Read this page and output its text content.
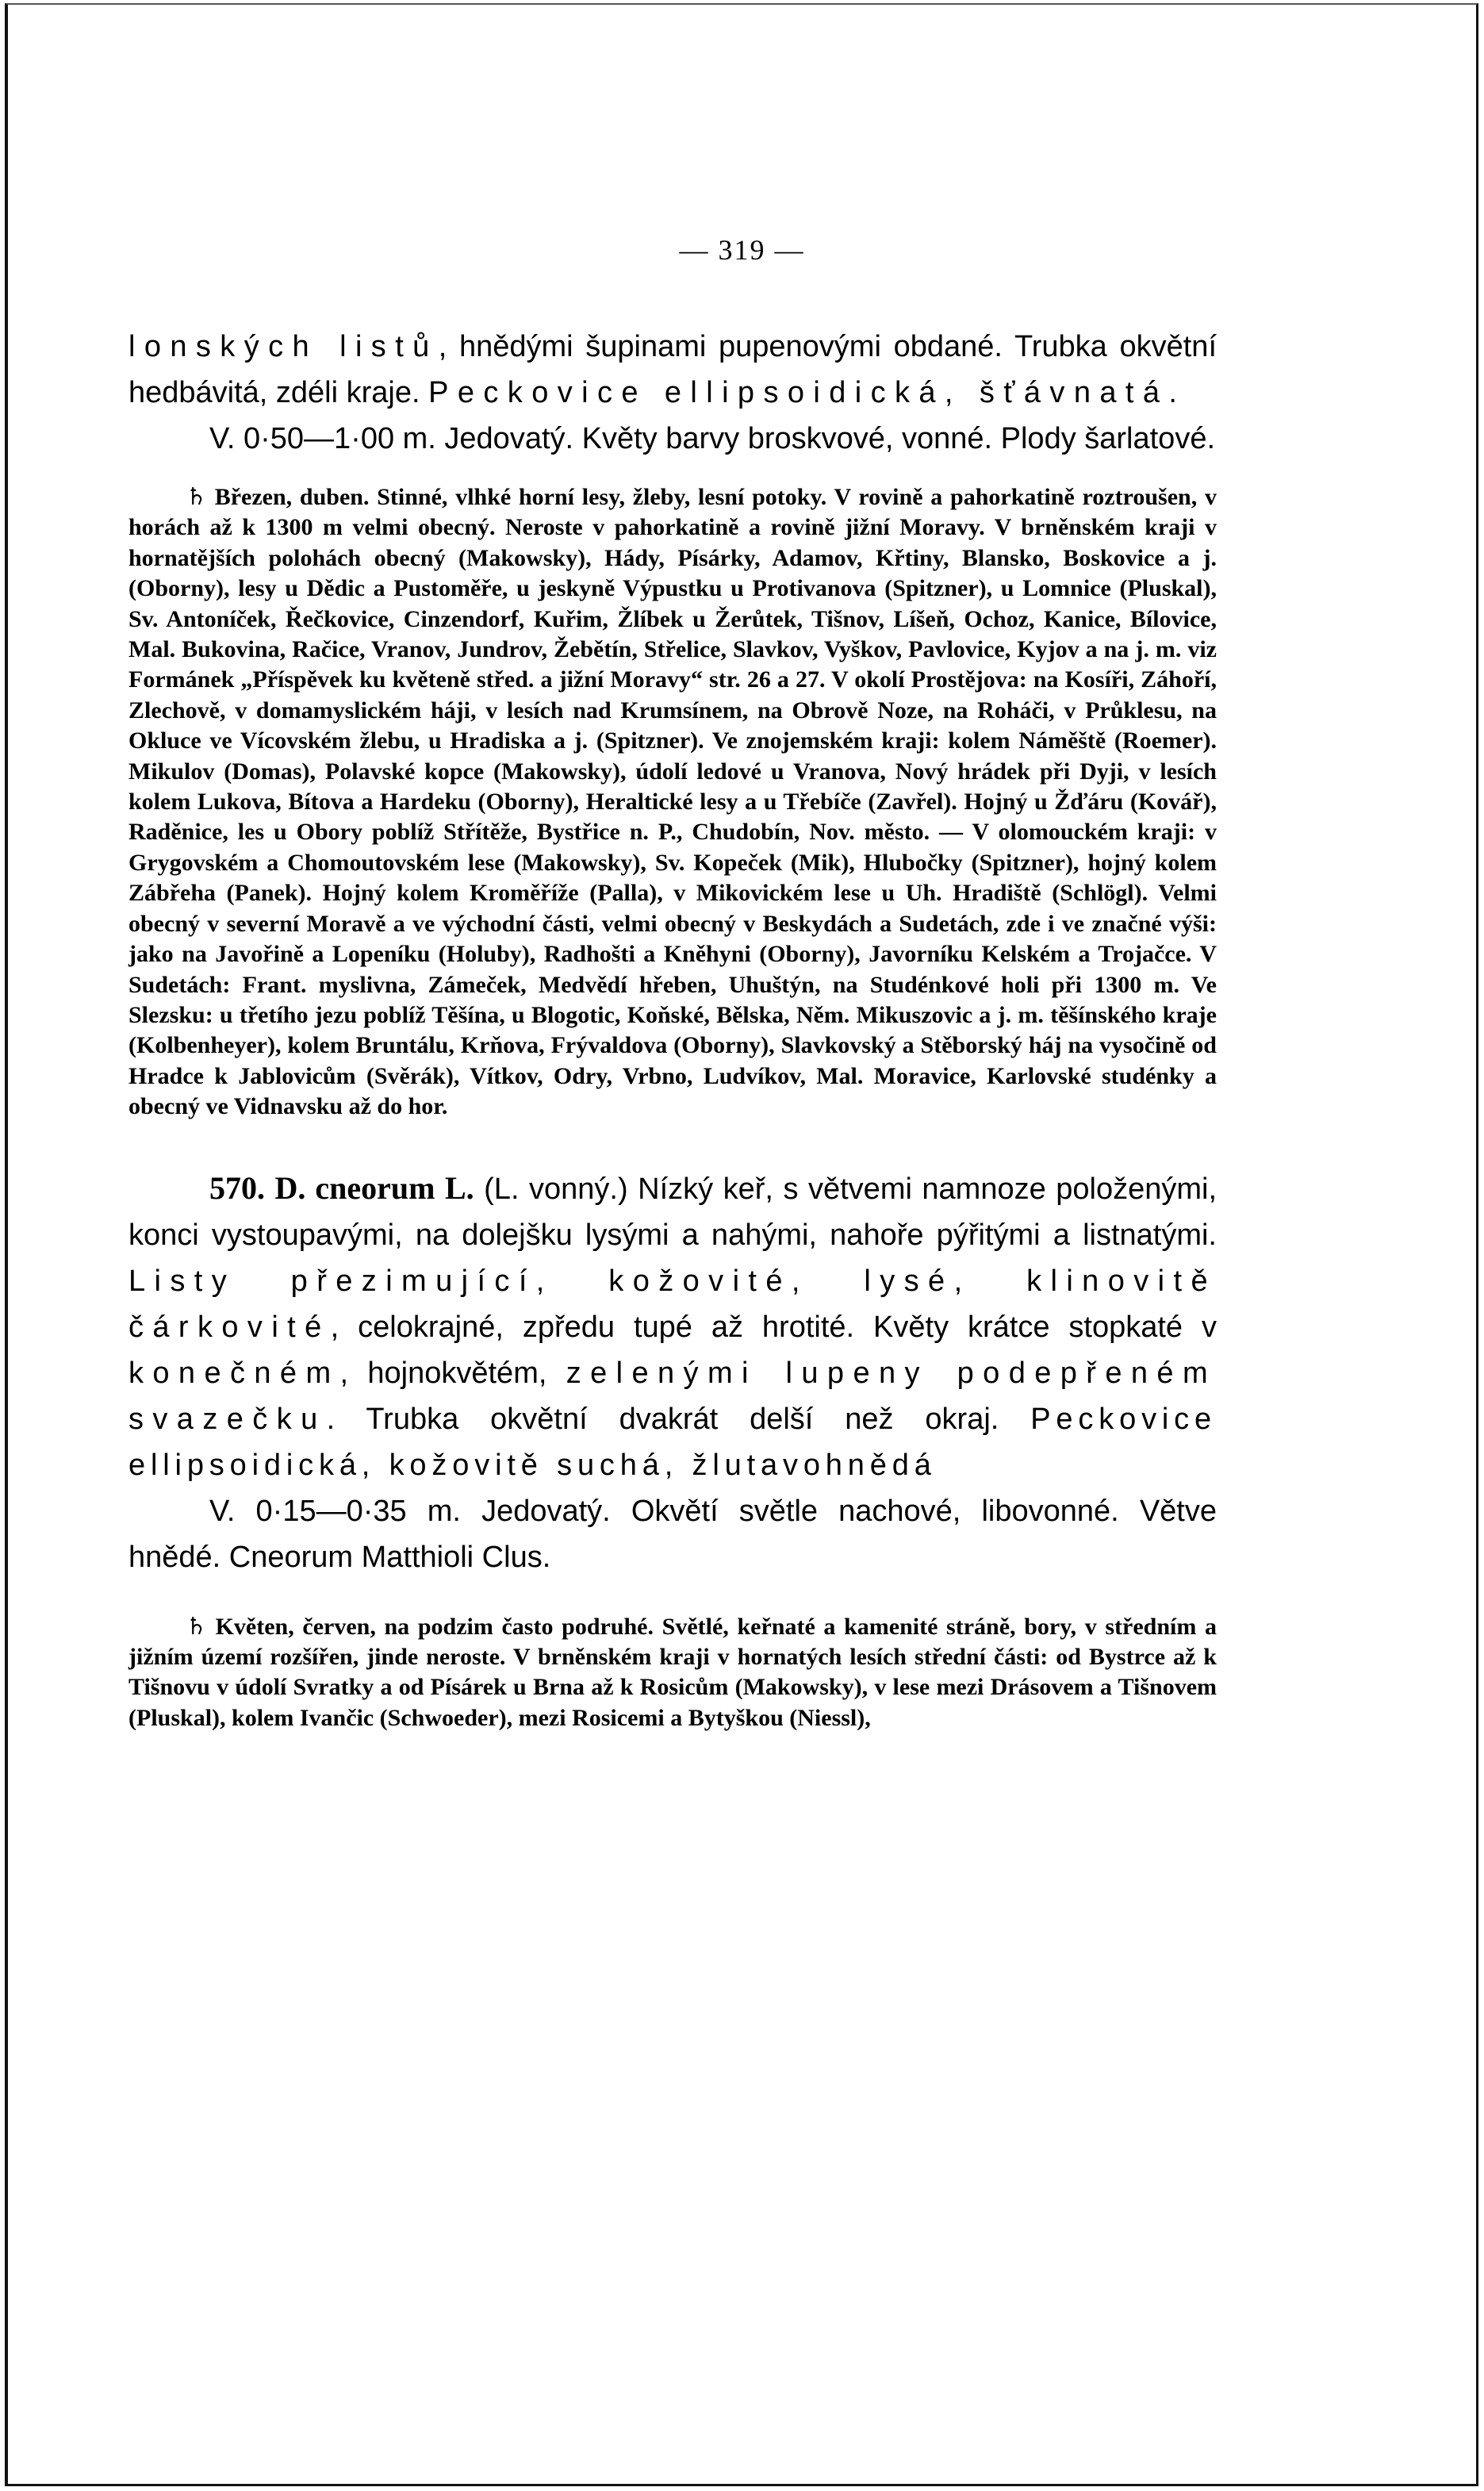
— 319 —

lonských listů, hnědými šupinami pupenovými obdané. Trubka okvětní hedbávitá, zdéli kraje. Peckovice ellipsoidická, šťávnatá.

V. 0·50—1·00 m. Jedovatý. Květy barvy broskvové, vonné. Plody šarlatové.

♄ Březen, duben. Stinné, vlhké horní lesy, žleby, lesní potoky. V rovině a pahorkatině roztroušen, v horách až k 1300 m velmi obecný. Neroste v pahorkatině a rovině jižní Moravy. V brněnském kraji v hornatějších polohách obecný (Makowsky), Hády, Písárky, Adamov, Křtiny, Blansko, Boskovice a j. (Oborny), lesy u Dědic a Pustoměře, u jeskyně Výpustku u Protivanova (Spitzner), u Lomnice (Pluskal), Sv. Antoníček, Řečkovice, Cinzendorf, Kuřim, Žlíbek u Žerůtek, Tišnov, Líšeň, Ochoz, Kanice, Bílovice, Mal. Bukovina, Račice, Vranov, Jundrov, Žebětín, Střelice, Slavkov, Vyškov, Pavlovice, Kyjov a na j. m. viz Formánek „Příspěvek ku květeně střed. a jižní Moravy“ str. 26 a 27. V okolí Prostějova: na Kosíři, Záhoří, Zlechově, v domamyslickém háji, v lesích nad Krumsínem, na Obrově Noze, na Roháči, v Průklesu, na Okluce ve Vícovském žlebu, u Hradiska a j. (Spitzner). Ve znojemském kraji: kolem Náměště (Roemer). Mikulov (Domas), Polavské kopce (Makowsky), údolí ledové u Vranova, Nový hrádek při Dyji, v lesích kolem Lukova, Bítova a Hardeku (Oborny), Heraltické lesy a u Třebíče (Zavřel). Hojný u Žďáru (Kovář), Raděnice, les u Obory poblíž Střítěže, Bystřice n. P., Chudobín, Nov. město. — V olomouckém kraji: v Grygovském a Chomoutovském lese (Makowsky), Sv. Kopeček (Mik), Hlubočky (Spitzner), hojný kolem Zábřeha (Panek). Hojný kolem Kroměříže (Palla), v Mikovickém lese u Uh. Hradiště (Schlögl). Velmi obecný v severní Moravě a ve východní části, velmi obecný v Beskydách a Sudetách, zde i ve značné výši: jako na Javořině a Lopeníku (Holuby), Radhošti a Kněhyni (Oborny), Javorníku Kelském a Trojačce. V Sudetách: Frant. myslivna, Zámeček, Medvědí hřeben, Uhuštýn, na Studénkové holi při 1300 m. Ve Slezsku: u třetího jezu poblíž Těšína, u Blogotic, Koňské, Bělska, Něm. Mikuszovic a j. m. těšínského kraje (Kolbenheyer), kolem Bruntálu, Krňova, Frývaldova (Oborny), Slavkovský a Stěborský háj na vysočině od Hradce k Jablovicům (Svěrák), Vítkov, Odry, Vrbno, Ludvíkov, Mal. Moravice, Karlovské studénky a obecný ve Vidnavsku až do hor.

570. D. cneorum L. (L. vonný.) Nízký keř, s větvemi namnoze položenými, konci vystoupavými, na dolejšku lysými a nahými, nahoře pýřitými a listnatými. Listy přezimující, kožovité, lysé, klinovitě čárkovité, celokrajné, zpředu tupé až hrotité. Květy krátce stopkaté v konečném, hojnokvětém, zelenými lupeny podepřeném svazečku. Trubka okvětní dvakrát delší než okraj. Peckovice ellipsoidická, kožovitě suchá, žlutavohnědá

V. 0·15—0·35 m. Jedovatý. Okvětí světle nachové, libovonné. Větve hnědé. Cneorum Matthioli Clus.

♄ Květen, červen, na podzim často podruhé. Světlé, keřnaté a kamenité stráně, bory, v středním a jižním území rozšířen, jinde neroste. V brněnském kraji v hornatých lesích střední části: od Bystrce až k Tišnovu v údolí Svratky a od Písárek u Brna až k Rosicům (Makowsky), v lese mezi Drásovem a Tišnovem (Pluskal), kolem Ivančic (Schwoeder), mezi Rosicemi a Bytyškou (Niessl),
